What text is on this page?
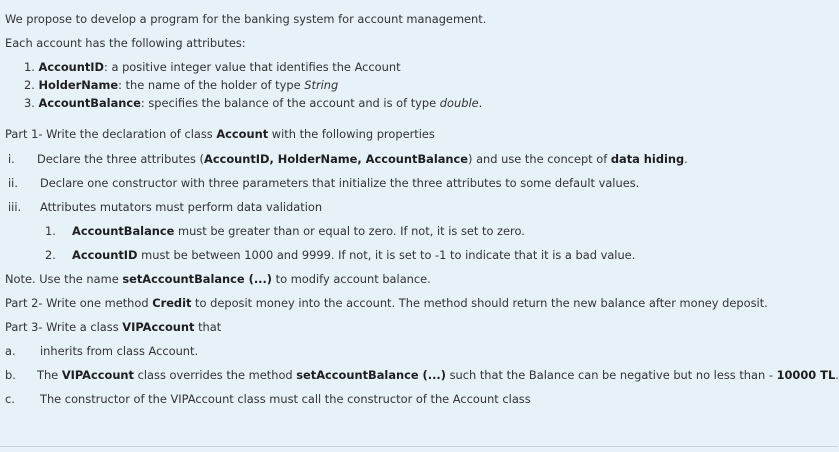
We propose to develop a program for the banking system for account management.
Each account has the following attributes:
1. AccountID: a positive integer value that identifies the Account
2. HolderName: the name of the holder of type String
3. AccountBalance: specifies the balance of the account and is of type double.
Part 1- Write the declaration of class Account with the following properties
i. Declare the three attributes (AccountID, HolderName, AccountBalance) and use the concept of data hiding.
ii. Declare one constructor with three parameters that initialize the three attributes to some default values.
iii. Attributes mutators must perform data validation
1. AccountBalance must be greater than or equal to zero. If not, it is set to zero.
2. AccountID must be between 1000 and 9999. If not, it is set to -1 to indicate that it is a bad value.
Note. Use the name setAccountBalance (...) to modify account balance.
Part 2- Write one method Credit to deposit money into the account. The method should return the new balance after money deposit.
Part 3- Write a class VIPAccount that
a. inherits from class Account.
b. The VIPAccount class overrides the method setAccountBalance (...) such that the Balance can be negative but no less than - 10000 TL.
c. The constructor of the VIPAccount class must call the constructor of the Account class
